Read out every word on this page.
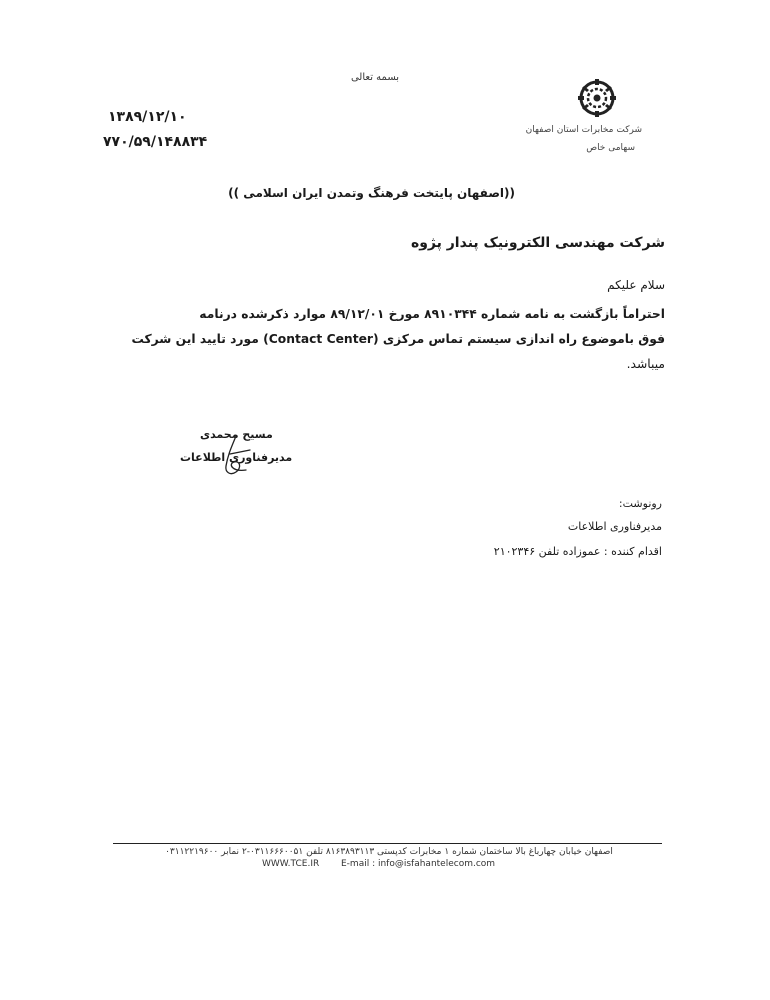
بسمه تعالی
شرکت مخابرات استان اصفهان
سهامی خاص
۱۳۸۹/۱۲/۱۰
۷۷۰/۵۹/۱۴۸۸۳۴
((اصفهان پایتخت فرهنگ وتمدن ایران اسلامی ))
شرکت مهندسی الکترونیک پندار پژوه
سلام علیکم
احتراماً بازگشت به نامه شماره ۸۹۱۰۳۴۴ مورخ ۸۹/۱۲/۰۱ موارد ذکرشده درنامه
فوق باموضوع راه اندازی سیستم تماس مرکزی (Contact Center) مورد تایید این شرکت
میباشد.
مسیح محمدی
مدیرفناوری اطلاعات
رونوشت:
مدیرفناوری اطلاعات
اقدام کننده : عموزاده تلفن ۲۱۰۲۳۴۶
اصفهان خیابان چهارباغ بالا ساختمان شماره ۱ مخابرات کدپستی ۸۱۶۳۸۹۳۱۱۳ تلفن ۰۳۱۱۶۶۶۰۰۵۱-۲ نمابر ۰۳۱۱۲۲۱۹۶۰۰
WWW.TCE.IR E-mail : info@isfahantelecom.com
